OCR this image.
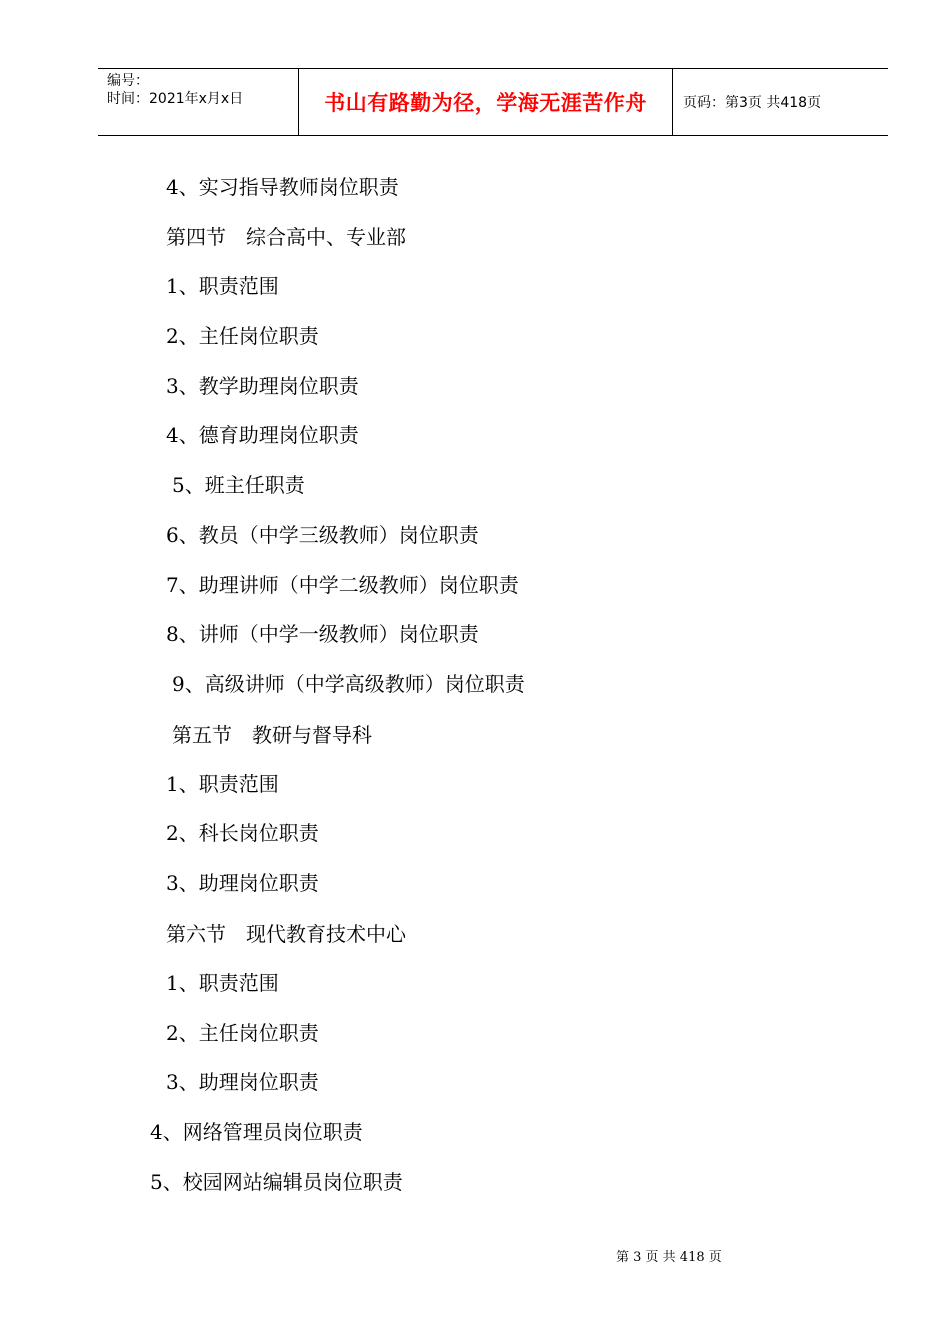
编号：
时间：2021年x月x日	书山有路勤为径，学海无涯苦作舟	页码：第3页 共418页
4、实习指导教师岗位职责
第四节　综合高中、专业部
1、职责范围
2、主任岗位职责
3、教学助理岗位职责
4、德育助理岗位职责
5、班主任职责
6、教员（中学三级教师）岗位职责
7、助理讲师（中学二级教师）岗位职责
8、讲师（中学一级教师）岗位职责
9、高级讲师（中学高级教师）岗位职责
第五节　教研与督导科
1、职责范围
2、科长岗位职责
3、助理岗位职责
第六节　现代教育技术中心
1、职责范围
2、主任岗位职责
3、助理岗位职责
4、网络管理员岗位职责
5、校园网站编辑员岗位职责
第 3 页 共 418 页
